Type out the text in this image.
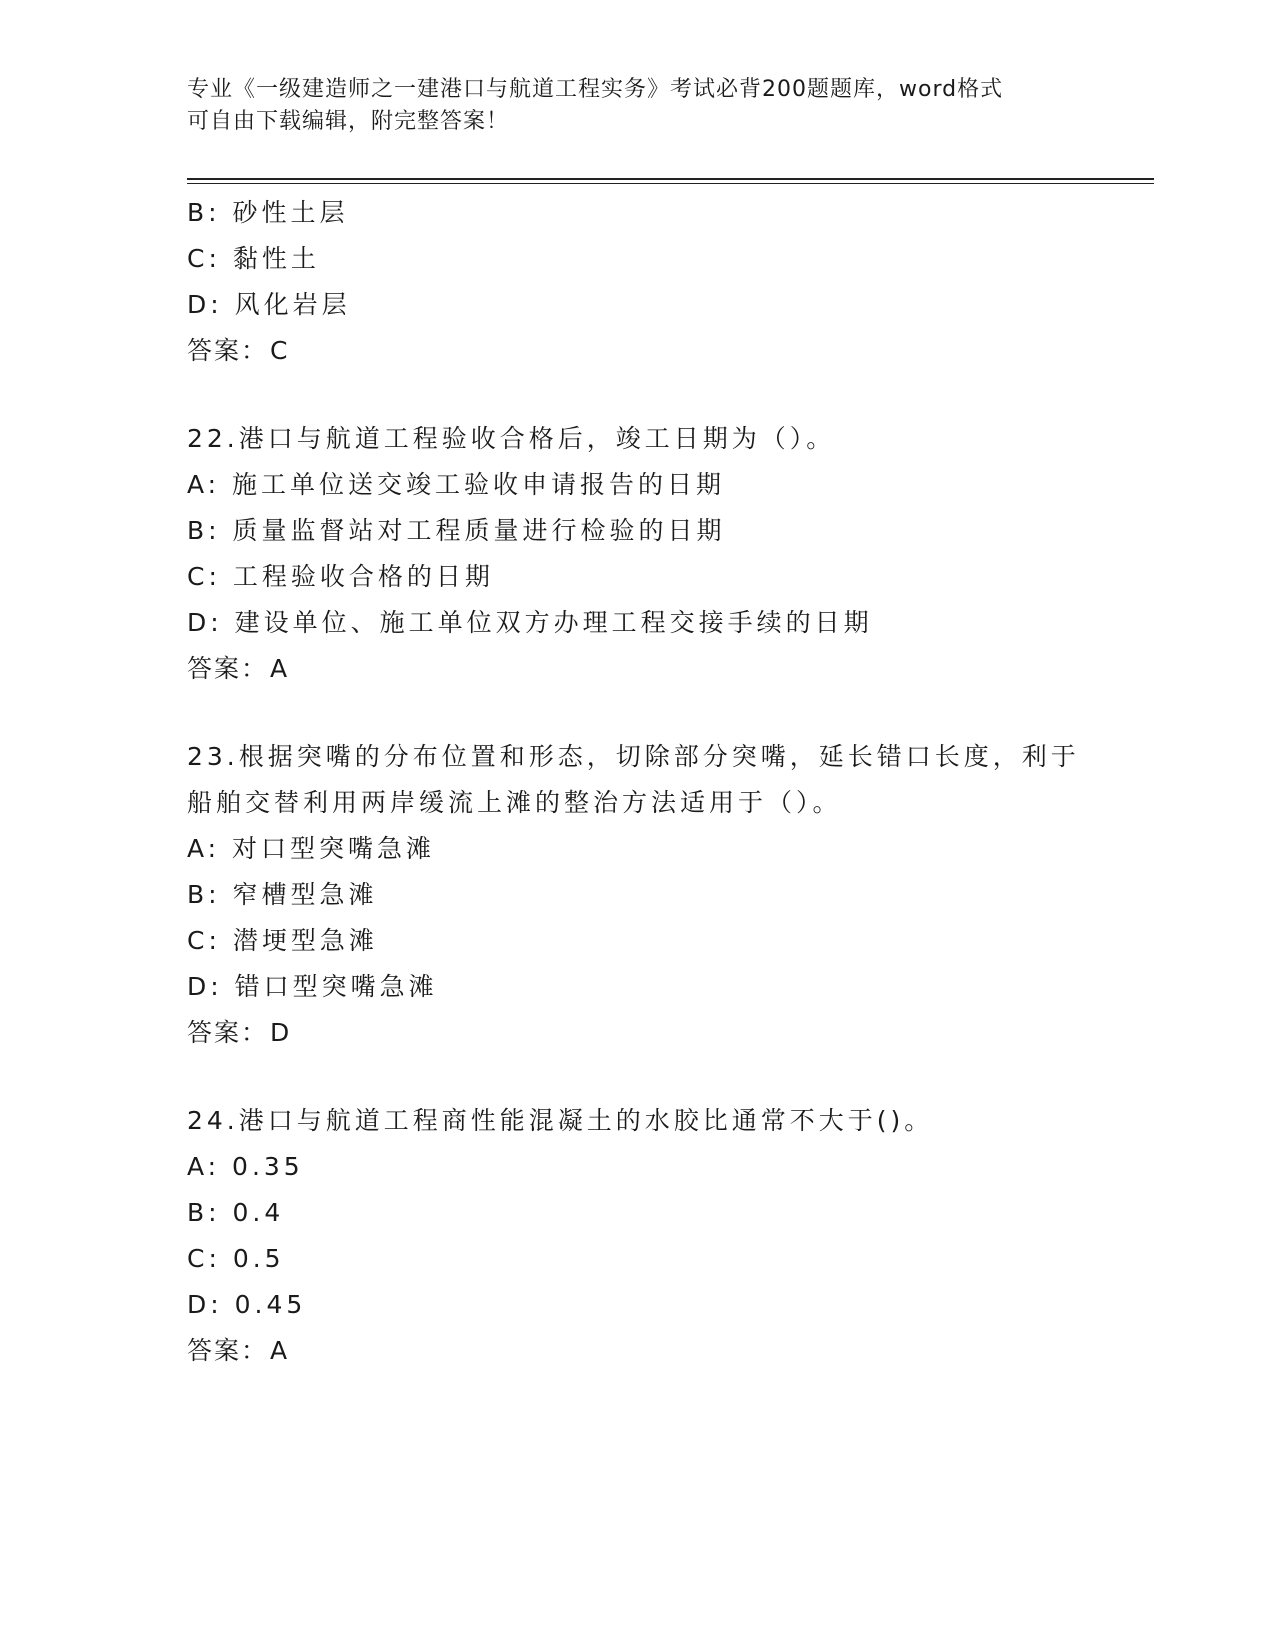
专业《一级建造师之一建港口与航道工程实务》考试必背200题题库，word格式
可自由下载编辑，附完整答案！
B: 砂性土层
C: 黏性土
D: 风化岩层
答案：C
22.港口与航道工程验收合格后，竣工日期为（）。
A: 施工单位送交竣工验收申请报告的日期
B: 质量监督站对工程质量进行检验的日期
C: 工程验收合格的日期
D: 建设单位、施工单位双方办理工程交接手续的日期
答案：A
23.根据突嘴的分布位置和形态，切除部分突嘴，延长错口长度，利于
船舶交替利用两岸缓流上滩的整治方法适用于（）。
A: 对口型突嘴急滩
B: 窄槽型急滩
C: 潜埂型急滩
D: 错口型突嘴急滩
答案：D
24.港口与航道工程商性能混凝土的水胶比通常不大于()。
A: 0.35
B: 0.4
C: 0.5
D: 0.45
答案：A
